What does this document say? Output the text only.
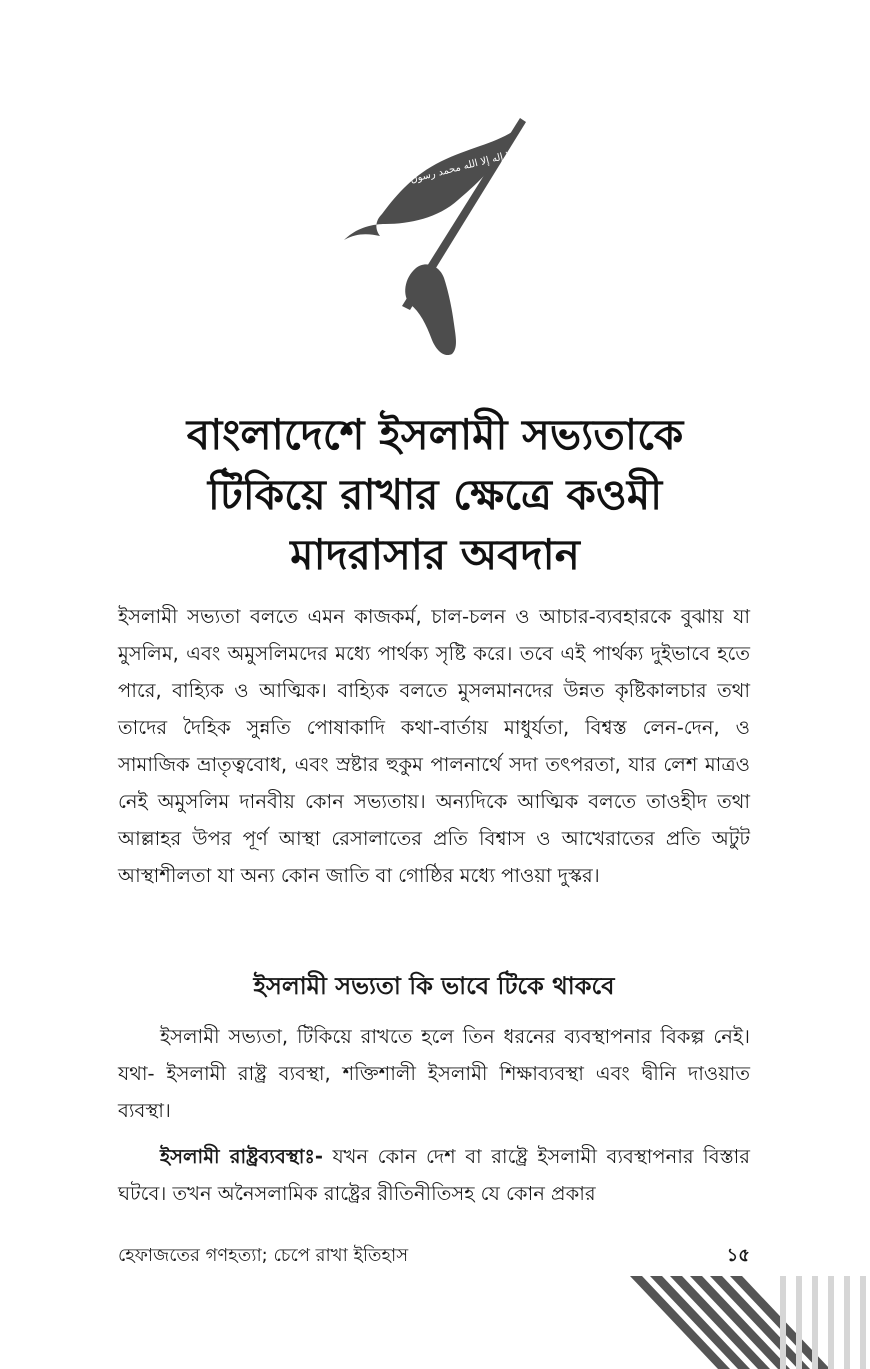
لا إله إلا الله محمد رسول الله
বাংলাদেশে ইসলামী সভ্যতাকে
টিকিয়ে রাখার ক্ষেত্রে কওমী
মাদরাসার অবদান

ইসলামী সভ্যতা বলতে এমন কাজকর্ম, চাল-চলন ও আচার-ব্যবহারকে বুঝায় যা মুসলিম, এবং অমুসলিমদের মধ্যে পার্থক্য সৃষ্টি করে। তবে এই পার্থক্য দুইভাবে হতে পারে, বাহ্যিক ও আত্মিক। বাহ্যিক বলতে মুসলমানদের উন্নত কৃষ্টিকালচার তথা তাদের দৈহিক সুন্নতি পোষাকাদি কথা-বার্তায় মাধুর্যতা, বিশ্বস্ত লেন-দেন, ও সামাজিক ভ্রাতৃত্ববোধ, এবং স্রষ্টার হুকুম পালনার্থে সদা তৎপরতা, যার লেশ মাত্রও নেই অমুসলিম দানবীয় কোন সভ্যতায়। অন্যদিকে আত্মিক বলতে তাওহীদ তথা আল্লাহর উপর পূর্ণ আস্থা রেসালাতের প্রতি বিশ্বাস ও আখেরাতের প্রতি অটুট আস্থাশীলতা যা অন্য কোন জাতি বা গোষ্ঠির মধ্যে পাওয়া দুস্কর।

ইসলামী সভ্যতা কি ভাবে টিকে থাকবে

ইসলামী সভ্যতা, টিকিয়ে রাখতে হলে তিন ধরনের ব্যবস্থাপনার বিকল্প নেই। যথা- ইসলামী রাষ্ট্র ব্যবস্থা, শক্তিশালী ইসলামী শিক্ষাব্যবস্থা এবং দ্বীনি দাওয়াত ব্যবস্থা।

ইসলামী রাষ্ট্রব্যবস্থাঃ- যখন কোন দেশ বা রাষ্ট্রে ইসলামী ব্যবস্থাপনার বিস্তার ঘটবে। তখন অনৈসলামিক রাষ্ট্রের রীতিনীতিসহ যে কোন প্রকার

হেফাজতের গণহত্যা; চেপে রাখা ইতিহাস	১৫
